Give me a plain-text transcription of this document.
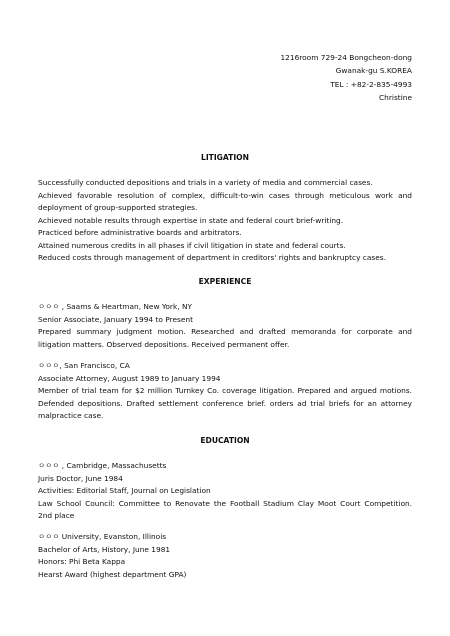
1216room 729-24 Bongcheon-dong
Gwanak-gu S.KOREA
TEL : +82-2-835-4993
Christine
LITIGATION
Successfully conducted depositions and trials in a variety of media and commercial cases.
Achieved favorable resolution of complex, difficult-to-win cases through meticulous work and
deployment of group-supported strategies.
Achieved notable results through expertise in state and federal court brief-writing.
Practiced before administrative boards and arbitrators.
Attained numerous credits in all phases if civil litigation in state and federal courts.
Reduced costs through management of department in creditors' rights and bankruptcy cases.
EXPERIENCE
ㅇㅇㅇ , Saams & Heartman, New York, NY
Senior Associate, January 1994 to Present
Prepared summary judgment motion. Researched and drafted memoranda for corporate and
litigation matters. Observed depositions. Received permanent offer.
ㅇㅇㅇ, San Francisco, CA
Associate Attorney, August 1989 to January 1994
Member of trial team for $2 million Turnkey Co. coverage litigation. Prepared and argued motions.
Defended depositions. Drafted settlement conference brief. orders ad trial briefs for an attorney
malpractice case.
EDUCATION
ㅇㅇㅇ , Cambridge, Massachusetts
Juris Doctor, June 1984
Activities: Editorial Staff, Journal on Legislation
Law School Council: Committee to Renovate the Football Stadium Clay Moot Court Competition.
2nd place
ㅇㅇㅇ University, Evanston, Illinois
Bachelor of Arts, History, June 1981
Honors: Phi Beta Kappa
Hearst Award (highest department GPA)
